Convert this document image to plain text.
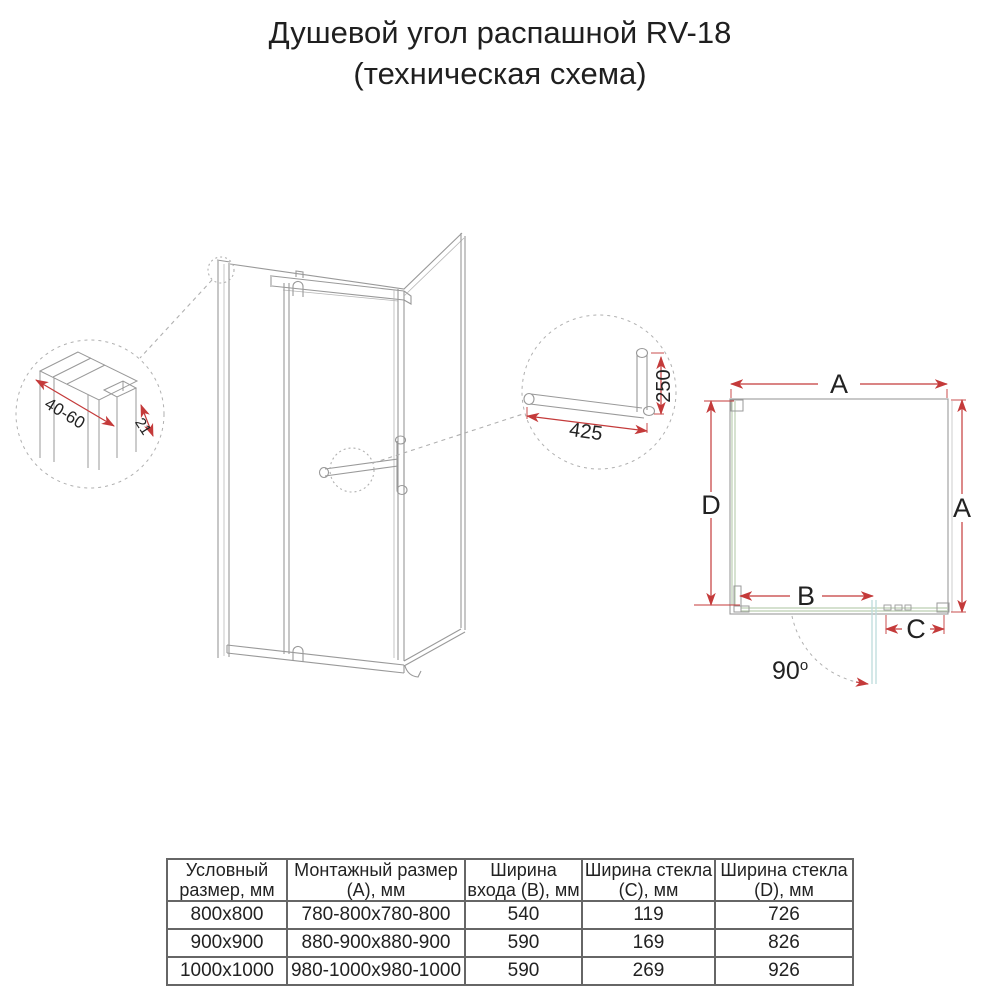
Душевой угол распашной RV-18
(техническая схема)
40-60	21	425
250	A
A
D
B
C
90$^o$
Условный размер, мм	Монтажный размер (A), мм	Ширина входа (B), мм	Ширина стекла (C), мм	Ширина стекла (D), мм
800x800	780-800x780-800	540	119	726
900x900	880-900x880-900	590	169	826
1000x1000	980-1000x980-1000	590	269	926
